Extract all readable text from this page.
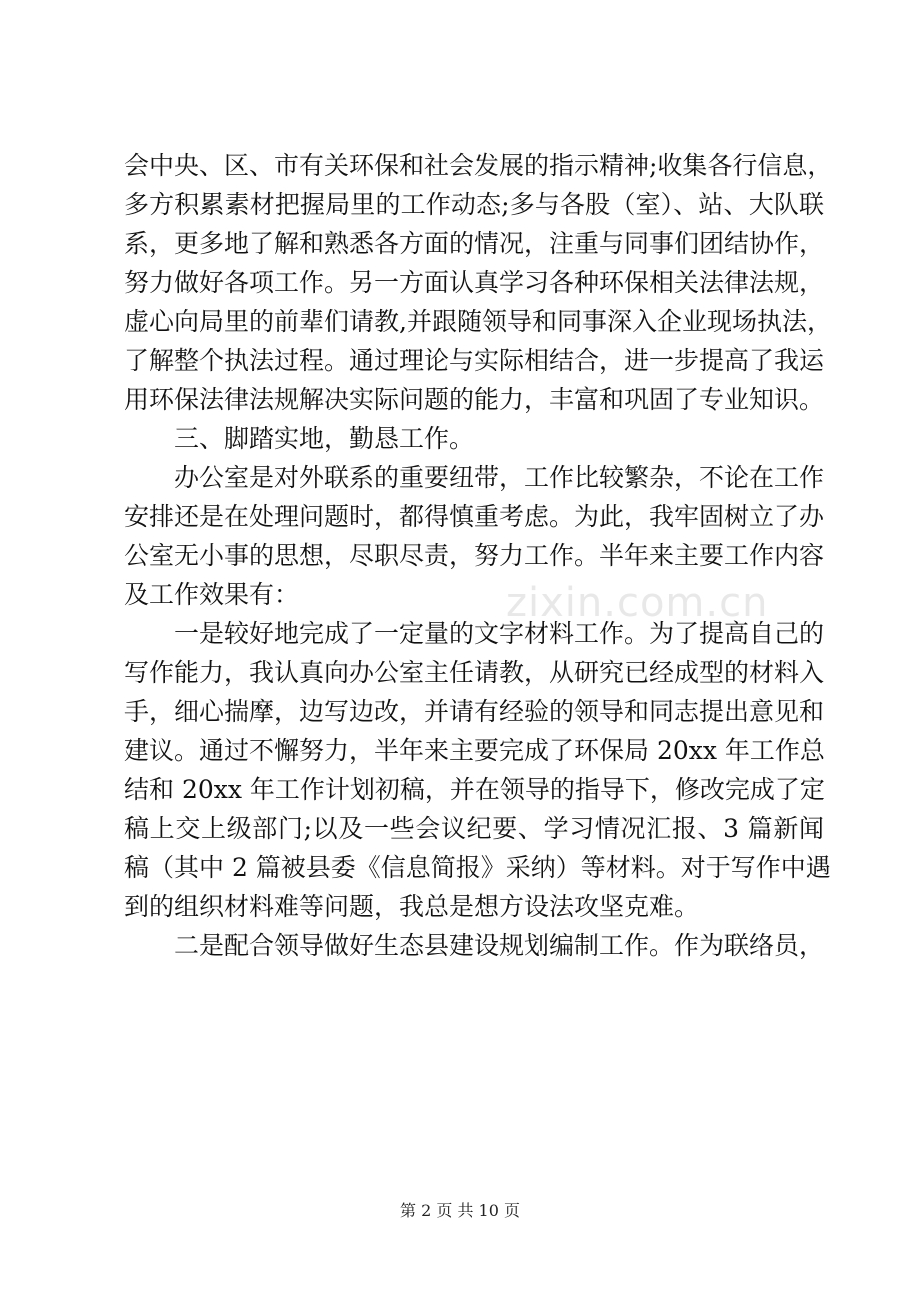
会中央、区、市有关环保和社会发展的指示精神;收集各行信息，
多方积累素材把握局里的工作动态;多与各股（室）、站、大队联
系，更多地了解和熟悉各方面的情况，注重与同事们团结协作，
努力做好各项工作。另一方面认真学习各种环保相关法律法规，
虚心向局里的前辈们请教,并跟随领导和同事深入企业现场执法，
了解整个执法过程。通过理论与实际相结合，进一步提高了我运
用环保法律法规解决实际问题的能力，丰富和巩固了专业知识。
三、脚踏实地，勤恳工作。
办公室是对外联系的重要纽带，工作比较繁杂，不论在工作
安排还是在处理问题时，都得慎重考虑。为此，我牢固树立了办
公室无小事的思想，尽职尽责，努力工作。半年来主要工作内容
及工作效果有：
一是较好地完成了一定量的文字材料工作。为了提高自己的
写作能力，我认真向办公室主任请教，从研究已经成型的材料入
手，细心揣摩，边写边改，并请有经验的领导和同志提出意见和
建议。通过不懈努力，半年来主要完成了环保局 20xx 年工作总
结和 20xx 年工作计划初稿，并在领导的指导下，修改完成了定
稿上交上级部门;以及一些会议纪要、学习情况汇报、3 篇新闻
稿（其中 2 篇被县委《信息简报》采纳）等材料。对于写作中遇
到的组织材料难等问题，我总是想方设法攻坚克难。
二是配合领导做好生态县建设规划编制工作。作为联络员，
zixin.com.cn
第 2 页 共 10 页
